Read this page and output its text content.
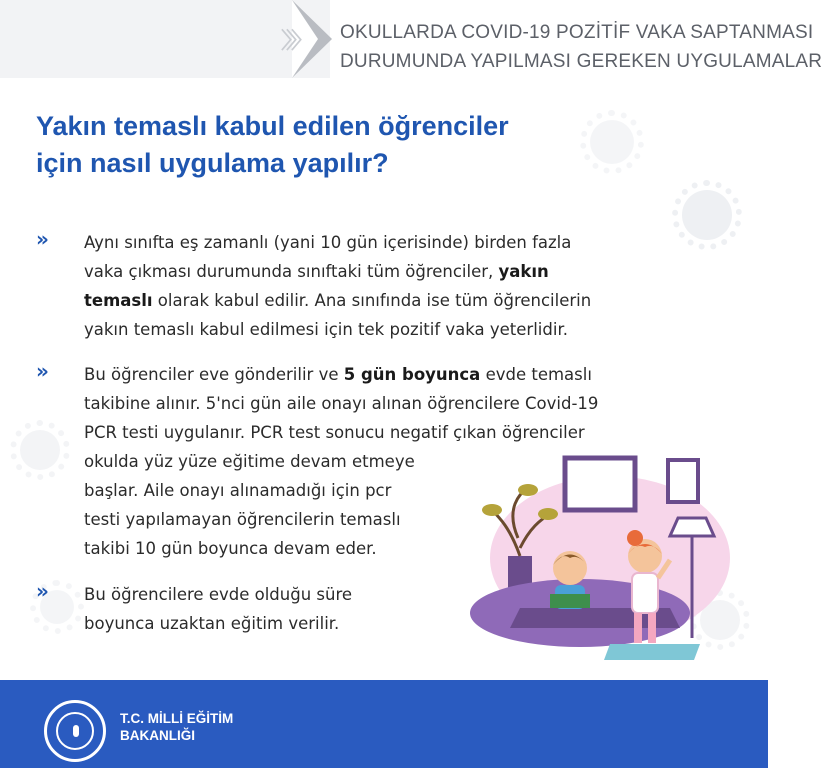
〉〉〉 OKULLARDA COVID-19 POZİTİF VAKA SAPTANMASI
DURUMUNDA YAPILMASI GEREKEN UYGULAMALAR
Yakın temaslı kabul edilen öğrenciler
için nasıl uygulama yapılır?
» Aynı sınıfta eş zamanlı (yani 10 gün içerisinde) birden fazla
vaka çıkması durumunda sınıftaki tüm öğrenciler, yakın
temaslı olarak kabul edilir. Ana sınıfında ise tüm öğrencilerin
yakın temaslı kabul edilmesi için tek pozitif vaka yeterlidir.
» Bu öğrenciler eve gönderilir ve 5 gün boyunca evde temaslı
takibine alınır. 5'nci gün aile onayı alınan öğrencilere Covid-19
PCR testi uygulanır. PCR test sonucu negatif çıkan öğrenciler
okulda yüz yüze eğitime devam etmeye
başlar. Aile onayı alınamadığı için pcr
testi yapılamayan öğrencilerin temaslı
takibi 10 gün boyunca devam eder.
» Bu öğrencilere evde olduğu süre
boyunca uzaktan eğitim verilir.
T.C. MİLLİ EĞİTİM
BAKANLIĞI
